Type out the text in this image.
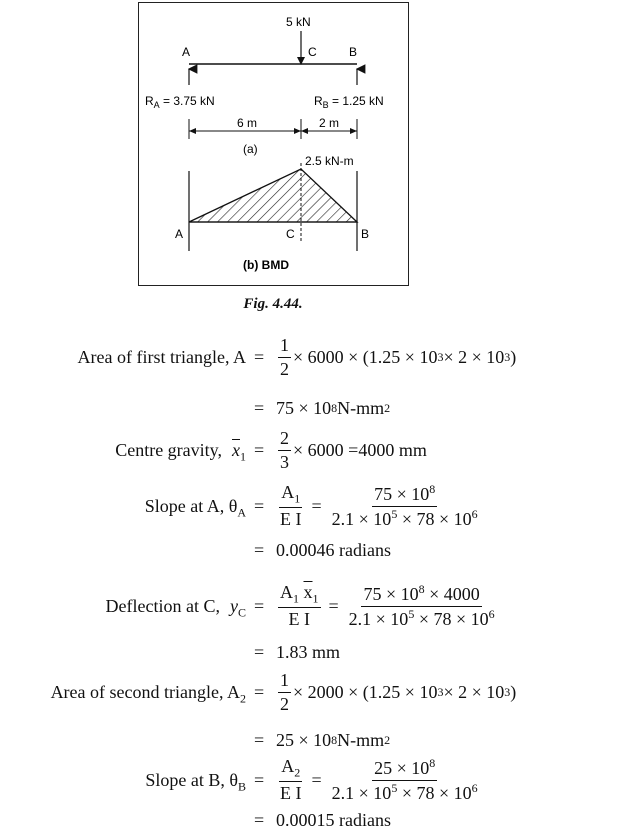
5 kN
A	C	B
$R_A = 3.75$ kN	$R_B = 1.25$ kN
6 m	2 m
(a)
2.5 kN-m
A	C	B
(b) BMD
Fig. 4.44.
Area of first triangle, $A = \frac{1}{2} \times 6000 \times (1.25 \times 10$ 3 × 2 × 10 3 )
= 75 × 10 8 N-mm 2
Centre gravity, $\overline{x}_1 = \frac{2}{3} \times 6000 = 4000$ mm
Slope at A, $\theta_A = \frac{A_1}{\text{E I}} = \frac{75 \times 10^8}{2.1 \times 10^5 \times 78 \times 10^6}$
= 0.00046 radians
Deflection at C, $y_C = \frac{A_1 \overline{x}_1}{\text{E I}} = \frac{75 \times 10^8 \times 4000}{2.1 \times 10^5 \times 78 \times 10^6}$
= 1.83 mm
Area of second triangle, $A_2 = \frac{1}{2} \times 2000 \times (1.25 \times 10$ 3 × 2 × 10 3 )
= 25 × 10 8 N-mm 2
Slope at B, $\theta_B = \frac{A_2}{\text{E I}} = \frac{25 \times 10^8}{2.1 \times 10^5 \times 78 \times 10^6}$
= 0.00015 radians
